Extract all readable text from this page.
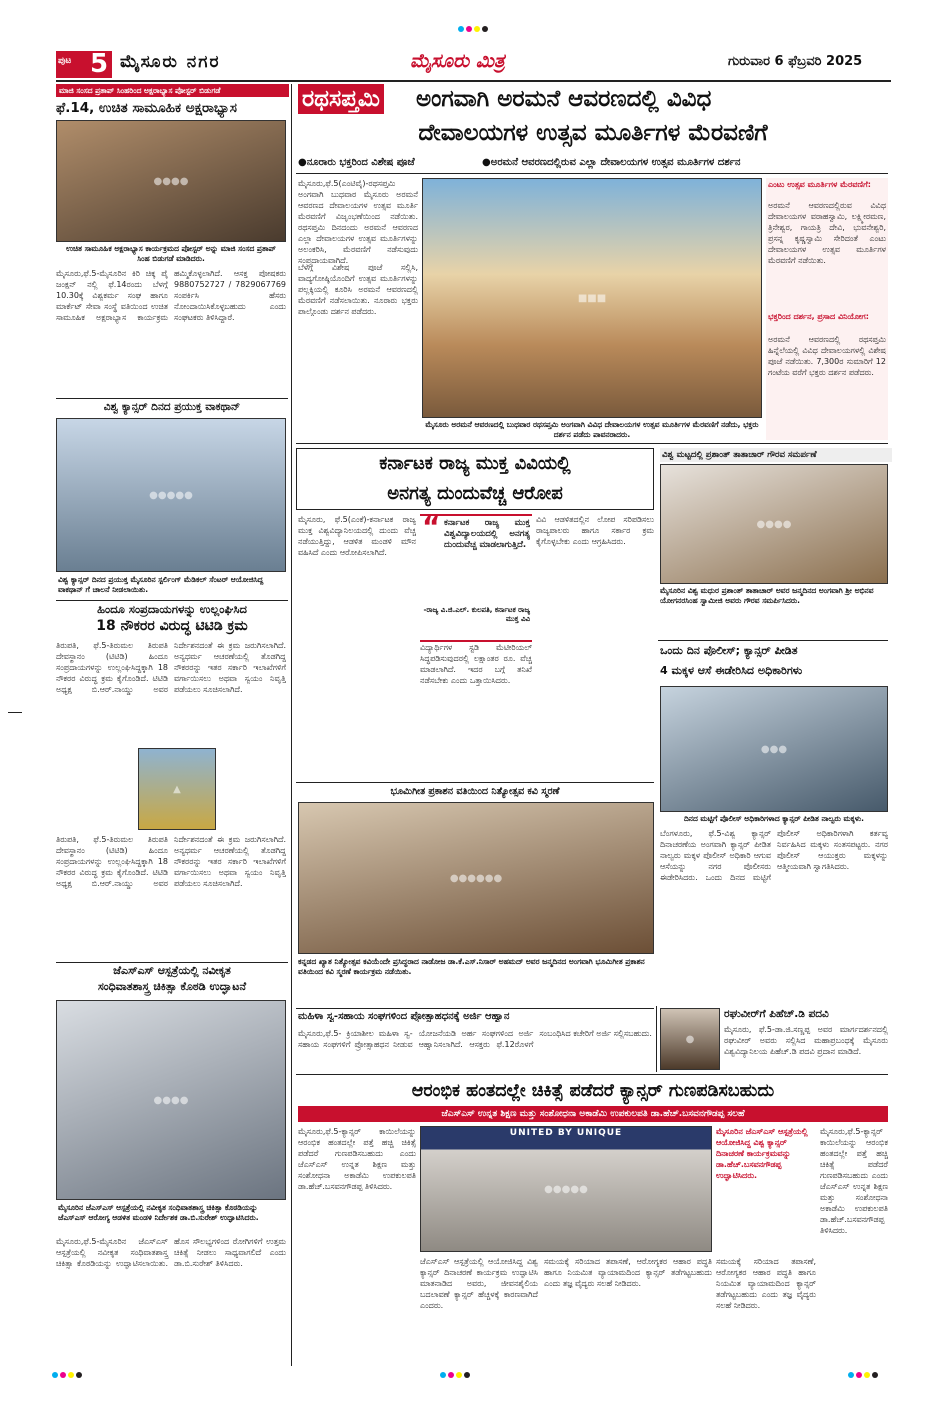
ಪುಟ 5 ಮೈಸೂರು ನಗರ	ಮೈಸೂರು ಮಿತ್ರ	ಗುರುವಾರ 6 ಫೆಬ್ರವರಿ 2025
ಮಾಜಿ ಸಂಸದ ಪ್ರತಾಪ್ ಸಿಂಹರಿಂದ ಅಕ್ಷರಾಭ್ಯಾಸ ಪೋಸ್ಟರ್ ಬಿಡುಗಡೆ
ಫೆ.14, ಉಚಿತ ಸಾಮೂಹಿಕ ಅಕ್ಷರಾಭ್ಯಾಸ
●●●●
ಉಚಿತ ಸಾಮೂಹಿಕ ಅಕ್ಷರಾಭ್ಯಾಸ ಕಾರ್ಯಕ್ರಮದ ಪೋಸ್ಟರ್ ಅನ್ನು ಮಾಜಿ ಸಂಸದ ಪ್ರತಾಪ್ ಸಿಂಹ ಬಿಡುಗಡೆ ಮಾಡಿದರು.
ಮೈಸೂರು,ಫೆ.5-ಮೈಸೂರಿನ ಕಿರಿ ಚಿಕ್ಕ ಪೈ ಜಂಕ್ಷನ್ ನಲ್ಲಿ ಫೆ.14ರಂದು ಬೆಳಗ್ಗೆ 10.30ಕ್ಕೆ ವಿಶ್ವಕರ್ಮ ಸಂಘ ಹಾಗೂ ಮಾರ್ಕೆಟ್ ಸೇವಾ ಸಂಸ್ಥೆ ವತಿಯಿಂದ ಉಚಿತ ಸಾಮೂಹಿಕ ಅಕ್ಷರಾಭ್ಯಾಸ ಕಾರ್ಯಕ್ರಮ ಹಮ್ಮಿಕೊಳ್ಳಲಾಗಿದೆ. ಆಸಕ್ತ ಪೋಷಕರು 9880752727 / 7829067769 ಸಂಪರ್ಕಿಸಿ ಹೆಸರು ನೋಂದಾಯಿಸಿಕೊಳ್ಳಬಹುದು ಎಂದು ಸಂಘಟಕರು ತಿಳಿಸಿದ್ದಾರೆ.
ವಿಶ್ವ ಕ್ಯಾನ್ಸರ್ ದಿನದ ಪ್ರಯುಕ್ತ ವಾಕಥಾನ್
●●●●●
ವಿಶ್ವ ಕ್ಯಾನ್ಸರ್ ದಿನದ ಪ್ರಯುಕ್ತ ಮೈಸೂರಿನ ಸ್ಟರ್ಲಿಂಗ್ ಮೆಡಿಕಲ್ ಸೆಂಟರ್ ಆಯೋಜಿಸಿದ್ದ ವಾಕಥಾನ್ ಗೆ ಚಾಲನೆ ನೀಡಲಾಯಿತು.
ಹಿಂದೂ ಸಂಪ್ರದಾಯಗಳನ್ನು ಉಲ್ಲಂಘಿಸಿದ
18 ನೌಕರರ ವಿರುದ್ಧ ಟಿಟಿಡಿ ಕ್ರಮ
ತಿರುಪತಿ, ಫೆ.5-ತಿರುಮಲ ತಿರುಪತಿ ದೇವಸ್ಥಾನಂ (ಟಿಟಿಡಿ) ಹಿಂದೂ ಸಂಪ್ರದಾಯಗಳನ್ನು ಉಲ್ಲಂಘಿಸಿದ್ದಕ್ಕಾಗಿ 18 ನೌಕರರ ವಿರುದ್ಧ ಕ್ರಮ ಕೈಗೊಂಡಿದೆ. ಟಿಟಿಡಿ ಅಧ್ಯಕ್ಷ ಬಿ.ಆರ್.ನಾಯ್ಡು ಅವರ ನಿರ್ದೇಶನದಂತೆ ಈ ಕ್ರಮ ಜರುಗಿಸಲಾಗಿದೆ. ಅನ್ಯಧರ್ಮ ಆಚರಣೆಯಲ್ಲಿ ತೊಡಗಿದ್ದ ನೌಕರರನ್ನು ಇತರ ಸರ್ಕಾರಿ ಇಲಾಖೆಗಳಿಗೆ ವರ್ಗಾಯಿಸಲು ಅಥವಾ ಸ್ವಯಂ ನಿವೃತ್ತಿ ಪಡೆಯಲು ಸೂಚಿಸಲಾಗಿದೆ.
▲
ತಿರುಪತಿ, ಫೆ.5-ತಿರುಮಲ ತಿರುಪತಿ ದೇವಸ್ಥಾನಂ (ಟಿಟಿಡಿ) ಹಿಂದೂ ಸಂಪ್ರದಾಯಗಳನ್ನು ಉಲ್ಲಂಘಿಸಿದ್ದಕ್ಕಾಗಿ 18 ನೌಕರರ ವಿರುದ್ಧ ಕ್ರಮ ಕೈಗೊಂಡಿದೆ. ಟಿಟಿಡಿ ಅಧ್ಯಕ್ಷ ಬಿ.ಆರ್.ನಾಯ್ಡು ಅವರ ನಿರ್ದೇಶನದಂತೆ ಈ ಕ್ರಮ ಜರುಗಿಸಲಾಗಿದೆ. ಅನ್ಯಧರ್ಮ ಆಚರಣೆಯಲ್ಲಿ ತೊಡಗಿದ್ದ ನೌಕರರನ್ನು ಇತರ ಸರ್ಕಾರಿ ಇಲಾಖೆಗಳಿಗೆ ವರ್ಗಾಯಿಸಲು ಅಥವಾ ಸ್ವಯಂ ನಿವೃತ್ತಿ ಪಡೆಯಲು ಸೂಚಿಸಲಾಗಿದೆ.
ಜೆಎಸ್‌ಎಸ್ ಆಸ್ಪತ್ರೆಯಲ್ಲಿ ನವೀಕೃತ
ಸಂಧಿವಾತಶಾಸ್ತ್ರ ಚಿಕಿತ್ಸಾ ಕೊಠಡಿ ಉದ್ಘಾಟನೆ
●●●●
ಮೈಸೂರಿನ ಜೆಎಸ್‌ಎಸ್ ಆಸ್ಪತ್ರೆಯಲ್ಲಿ ನವೀಕೃತ ಸಂಧಿವಾತಶಾಸ್ತ್ರ ಚಿಕಿತ್ಸಾ ಕೊಠಡಿಯನ್ನು ಜೆಎಸ್‌ಎಸ್ ಆರೋಗ್ಯ ಆಡಳಿತ ಮಂಡಳಿ ನಿರ್ದೇಶಕ ಡಾ.ಬಿ.ಸುರೇಶ್ ಉದ್ಘಾಟಿಸಿದರು.
ಮೈಸೂರು,ಫೆ.5-ಮೈಸೂರಿನ ಜೆಎಸ್‌ಎಸ್ ಆಸ್ಪತ್ರೆಯಲ್ಲಿ ನವೀಕೃತ ಸಂಧಿವಾತಶಾಸ್ತ್ರ ಚಿಕಿತ್ಸಾ ಕೊಠಡಿಯನ್ನು ಉದ್ಘಾಟಿಸಲಾಯಿತು. ಹೊಸ ಸೌಲಭ್ಯಗಳಿಂದ ರೋಗಿಗಳಿಗೆ ಉತ್ತಮ ಚಿಕಿತ್ಸೆ ನೀಡಲು ಸಾಧ್ಯವಾಗಲಿದೆ ಎಂದು ಡಾ.ಬಿ.ಸುರೇಶ್ ತಿಳಿಸಿದರು.
ರಥಸಪ್ತಮಿ ಅಂಗವಾಗಿ ಅರಮನೆ ಆವರಣದಲ್ಲಿ ವಿವಿಧ
ದೇವಾಲಯಗಳ ಉತ್ಸವ ಮೂರ್ತಿಗಳ ಮೆರವಣಿಗೆ
●ನೂರಾರು ಭಕ್ತರಿಂದ ವಿಶೇಷ ಪೂಜೆ	●ಅರಮನೆ ಆವರಣದಲ್ಲಿರುವ ಎಲ್ಲಾ ದೇವಾಲಯಗಳ ಉತ್ಸವ ಮೂರ್ತಿಗಳ ದರ್ಶನ
ಮೈಸೂರು,ಫೆ.5(ಎಂಟಿವೈ)-ರಥಸಪ್ತಮಿ ಅಂಗವಾಗಿ ಬುಧವಾರ ಮೈಸೂರು ಅರಮನೆ ಆವರಣದ ದೇವಾಲಯಗಳ ಉತ್ಸವ ಮೂರ್ತಿ ಮೆರವಣಿಗೆ ವಿಜೃಂಭಣೆಯಿಂದ ನಡೆಯಿತು. ರಥಸಪ್ತಮಿ ದಿನದಂದು ಅರಮನೆ ಆವರಣದ ಎಲ್ಲಾ ದೇವಾಲಯಗಳ ಉತ್ಸವ ಮೂರ್ತಿಗಳನ್ನು ಅಲಂಕರಿಸಿ, ಮೆರವಣಿಗೆ ನಡೆಸುವುದು ಸಂಪ್ರದಾಯವಾಗಿದೆ.
ಬೆಳಗ್ಗೆ ವಿಶೇಷ ಪೂಜೆ ಸಲ್ಲಿಸಿ, ವಾದ್ಯಗೋಷ್ಠಿಯೊಂದಿಗೆ ಉತ್ಸವ ಮೂರ್ತಿಗಳನ್ನು ಪಲ್ಲಕ್ಕಿಯಲ್ಲಿ ಕೂರಿಸಿ ಅರಮನೆ ಆವರಣದಲ್ಲಿ ಮೆರವಣಿಗೆ ನಡೆಸಲಾಯಿತು. ನೂರಾರು ಭಕ್ತರು ಪಾಲ್ಗೊಂಡು ದರ್ಶನ ಪಡೆದರು.
■■■
ಮೈಸೂರು ಅರಮನೆ ಆವರಣದಲ್ಲಿ ಬುಧವಾರ ರಥಸಪ್ತಮಿ ಅಂಗವಾಗಿ ವಿವಿಧ ದೇವಾಲಯಗಳ ಉತ್ಸವ ಮೂರ್ತಿಗಳ ಮೆರವಣಿಗೆ ನಡೆದು, ಭಕ್ತರು ದರ್ಶನ ಪಡೆದು ಪಾವನರಾದರು.
ಎಂಟು ಉತ್ಸವ ಮೂರ್ತಿಗಳ ಮೆರವಣಿಗೆ:
ಅರಮನೆ ಆವರಣದಲ್ಲಿರುವ ವಿವಿಧ ದೇವಾಲಯಗಳ ವರಾಹಸ್ವಾಮಿ, ಲಕ್ಷ್ಮೀರಮಣ, ತ್ರಿನೇಶ್ವರ, ಗಾಯತ್ರಿ ದೇವಿ, ಭುವನೇಶ್ವರಿ, ಪ್ರಸನ್ನ ಕೃಷ್ಣಸ್ವಾಮಿ ಸೇರಿದಂತೆ ಎಂಟು ದೇವಾಲಯಗಳ ಉತ್ಸವ ಮೂರ್ತಿಗಳ ಮೆರವಣಿಗೆ ನಡೆಯಿತು.
ಭಕ್ತರಿಂದ ದರ್ಶನ, ಪ್ರಸಾದ ವಿನಿಯೋಗ:
ಅರಮನೆ ಆವರಣದಲ್ಲಿ ರಥಸಪ್ತಮಿ ಹಿನ್ನೆಲೆಯಲ್ಲಿ ವಿವಿಧ ದೇವಾಲಯಗಳಲ್ಲಿ ವಿಶೇಷ ಪೂಜೆ ನಡೆಯಿತು. 7,300ರ ಸುಮಾರಿಗೆ 12 ಗಂಟೆಯ ವರೆಗೆ ಭಕ್ತರು ದರ್ಶನ ಪಡೆದರು.
ಕರ್ನಾಟಕ ರಾಜ್ಯ ಮುಕ್ತ ವಿವಿಯಲ್ಲಿ
ಅನಗತ್ಯ ದುಂದುವೆಚ್ಚ ಆರೋಪ
ಮೈಸೂರು, ಫೆ.5(ಎಂಕೆ)-ಕರ್ನಾಟಕ ರಾಜ್ಯ ಮುಕ್ತ ವಿಶ್ವವಿದ್ಯಾನಿಲಯದಲ್ಲಿ ದುಂದು ವೆಚ್ಚ ನಡೆಯುತ್ತಿದ್ದು, ಆಡಳಿತ ಮಂಡಳಿ ಮೌನ ವಹಿಸಿದೆ ಎಂದು ಆರೋಪಿಸಲಾಗಿದೆ.
“ ಕರ್ನಾಟಕ ರಾಜ್ಯ ಮುಕ್ತ ವಿಶ್ವವಿದ್ಯಾಲಯದಲ್ಲಿ ಅನಗತ್ಯ ದುಂದುವೆಚ್ಚ ಮಾಡಲಾಗುತ್ತಿದೆ.
-ರಾಜ್ಯ ವಿ.ಜಿ.ಎಲ್. ಕುಲಪತಿ, ಕರ್ನಾಟಕ ರಾಜ್ಯ ಮುಕ್ತ ವಿವಿ
ವಿದ್ಯಾರ್ಥಿಗಳ ಸ್ಟಡಿ ಮೆಟೀರಿಯಲ್ ಸಿದ್ಧಪಡಿಸುವುದರಲ್ಲಿ ಲಕ್ಷಾಂತರ ರೂ. ವೆಚ್ಚ ಮಾಡಲಾಗಿದೆ. ಇದರ ಬಗ್ಗೆ ತನಿಖೆ ನಡೆಸಬೇಕು ಎಂದು ಒತ್ತಾಯಿಸಿದರು.
ವಿವಿ ಆಡಳಿತದಲ್ಲಿನ ಲೋಪ ಸರಿಪಡಿಸಲು ರಾಜ್ಯಪಾಲರು ಹಾಗೂ ಸರ್ಕಾರ ಕ್ರಮ ಕೈಗೊಳ್ಳಬೇಕು ಎಂದು ಆಗ್ರಹಿಸಿದರು.
ವಿಶ್ವ ಮಟ್ಟದಲ್ಲಿ ಪ್ರಶಾಂತ್ ತಾತಾಚಾರ್ ಗೌರವ ಸಮರ್ಪಣೆ
●●●●
ಮೈಸೂರಿನ ವಿಶ್ವ ಮಧುರ ಪ್ರಶಾಂತ್ ತಾತಾಚಾರ್ ಅವರ ಜನ್ಮದಿನದ ಅಂಗವಾಗಿ ಶ್ರೀ ಅಭಿನವ ಯೋಗನರಸಿಂಹ ಸ್ವಾಮೀಜಿ ಅವರು ಗೌರವ ಸಮರ್ಪಿಸಿದರು.
ಒಂದು ದಿನ ಪೊಲೀಸ್; ಕ್ಯಾನ್ಸರ್ ಪೀಡಿತ
4 ಮಕ್ಕಳ ಆಸೆ ಈಡೇರಿಸಿದ ಅಧಿಕಾರಿಗಳು
●●●
ದಿನದ ಮಟ್ಟಿಗೆ ಪೊಲೀಸ್ ಅಧಿಕಾರಿಗಳಾದ ಕ್ಯಾನ್ಸರ್ ಪೀಡಿತ ನಾಲ್ವರು ಮಕ್ಕಳು.
ಬೆಂಗಳೂರು, ಫೆ.5-ವಿಶ್ವ ಕ್ಯಾನ್ಸರ್ ದಿನಾಚರಣೆಯ ಅಂಗವಾಗಿ ಕ್ಯಾನ್ಸರ್ ಪೀಡಿತ ನಾಲ್ವರು ಮಕ್ಕಳ ಪೊಲೀಸ್ ಅಧಿಕಾರಿ ಆಗುವ ಆಸೆಯನ್ನು ನಗರ ಪೊಲೀಸರು ಈಡೇರಿಸಿದರು. ಒಂದು ದಿನದ ಮಟ್ಟಿಗೆ ಪೊಲೀಸ್ ಅಧಿಕಾರಿಗಳಾಗಿ ಕರ್ತವ್ಯ ನಿರ್ವಹಿಸಿದ ಮಕ್ಕಳು ಸಂತಸಪಟ್ಟರು. ನಗರ ಪೊಲೀಸ್ ಆಯುಕ್ತರು ಮಕ್ಕಳನ್ನು ಆತ್ಮೀಯವಾಗಿ ಸ್ವಾಗತಿಸಿದರು.
ಭೂಮಿಗೀತ ಪ್ರಕಾಶನ ವತಿಯಿಂದ ನಿತ್ಯೋತ್ಸವ ಕವಿ ಸ್ಮರಣೆ
●●●●●●
ಕನ್ನಡದ ಖ್ಯಾತ ನಿತ್ಯೋತ್ಸವ ಕವಿಯೆಂದೇ ಪ್ರಸಿದ್ಧರಾದ ನಾಡೋಜ ಡಾ.ಕೆ.ಎಸ್.ನಿಸಾರ್ ಅಹಮದ್ ಅವರ ಜನ್ಮದಿನದ ಅಂಗವಾಗಿ ಭೂಮಿಗೀತ ಪ್ರಕಾಶನ ವತಿಯಿಂದ ಕವಿ ಸ್ಮರಣೆ ಕಾರ್ಯಕ್ರಮ ನಡೆಯಿತು.
ಮಹಿಳಾ ಸ್ವ-ಸಹಾಯ ಸಂಘಗಳಿಂದ ಪ್ರೋತ್ಸಾಹಧನಕ್ಕೆ ಅರ್ಜಿ ಆಹ್ವಾನ
ಮೈಸೂರು,ಫೆ.5- ಕ್ರಿಯಾಶೀಲ ಮಹಿಳಾ ಸ್ವ-ಸಹಾಯ ಸಂಘಗಳಿಗೆ ಪ್ರೋತ್ಸಾಹಧನ ನೀಡುವ ಯೋಜನೆಯಡಿ ಅರ್ಹ ಸಂಘಗಳಿಂದ ಅರ್ಜಿ ಆಹ್ವಾನಿಸಲಾಗಿದೆ. ಆಸಕ್ತರು ಫೆ.12ರೊಳಗೆ ಸಂಬಂಧಿಸಿದ ಕಚೇರಿಗೆ ಅರ್ಜಿ ಸಲ್ಲಿಸಬಹುದು.
ರಘುವೀರ್‌ಗೆ ಪಿಹೆಚ್.ಡಿ ಪದವಿ
●
ಮೈಸೂರು, ಫೆ.5-ಡಾ.ಜಿ.ಸಣ್ಣಪ್ಪ ಅವರ ಮಾರ್ಗದರ್ಶನದಲ್ಲಿ ರಘುವೀರ್ ಅವರು ಸಲ್ಲಿಸಿದ ಮಹಾಪ್ರಬಂಧಕ್ಕೆ ಮೈಸೂರು ವಿಶ್ವವಿದ್ಯಾನಿಲಯ ಪಿಹೆಚ್.ಡಿ ಪದವಿ ಪ್ರದಾನ ಮಾಡಿದೆ.
ಆರಂಭಿಕ ಹಂತದಲ್ಲೇ ಚಿಕಿತ್ಸೆ ಪಡೆದರೆ ಕ್ಯಾನ್ಸರ್ ಗುಣಪಡಿಸಬಹುದು
ಜೆಎಸ್‌ಎಸ್ ಉನ್ನತ ಶಿಕ್ಷಣ ಮತ್ತು ಸಂಶೋಧನಾ ಅಕಾಡೆಮಿ ಉಪಕುಲಪತಿ ಡಾ.ಹೆಚ್.ಬಸವನಗೌಡಪ್ಪ ಸಲಹೆ
ಮೈಸೂರು,ಫೆ.5-ಕ್ಯಾನ್ಸರ್ ಕಾಯಿಲೆಯನ್ನು ಆರಂಭಿಕ ಹಂತದಲ್ಲೇ ಪತ್ತೆ ಹಚ್ಚಿ ಚಿಕಿತ್ಸೆ ಪಡೆದರೆ ಗುಣಪಡಿಸಬಹುದು ಎಂದು ಜೆಎಸ್‌ಎಸ್ ಉನ್ನತ ಶಿಕ್ಷಣ ಮತ್ತು ಸಂಶೋಧನಾ ಅಕಾಡೆಮಿ ಉಪಕುಲಪತಿ ಡಾ.ಹೆಚ್.ಬಸವನಗೌಡಪ್ಪ ತಿಳಿಸಿದರು.	●●●●●
UNITED BY UNIQUE	ಮೈಸೂರಿನ ಜೆಎಸ್‌ಎಸ್ ಆಸ್ಪತ್ರೆಯಲ್ಲಿ ಆಯೋಜಿಸಿದ್ದ ವಿಶ್ವ ಕ್ಯಾನ್ಸರ್ ದಿನಾಚರಣೆ ಕಾರ್ಯಕ್ರಮವನ್ನು ಡಾ.ಹೆಚ್.ಬಸವನಗೌಡಪ್ಪ ಉದ್ಘಾಟಿಸಿದರು.
ಜೆಎಸ್‌ಎಸ್ ಆಸ್ಪತ್ರೆಯಲ್ಲಿ ಆಯೋಜಿಸಿದ್ದ ವಿಶ್ವ ಕ್ಯಾನ್ಸರ್ ದಿನಾಚರಣೆ ಕಾರ್ಯಕ್ರಮ ಉದ್ಘಾಟಿಸಿ ಮಾತನಾಡಿದ ಅವರು, ಜೀವನಶೈಲಿಯ ಬದಲಾವಣೆ ಕ್ಯಾನ್ಸರ್ ಹೆಚ್ಚಳಕ್ಕೆ ಕಾರಣವಾಗಿದೆ ಎಂದರು.
ಸಮಯಕ್ಕೆ ಸರಿಯಾದ ತಪಾಸಣೆ, ಆರೋಗ್ಯಕರ ಆಹಾರ ಪದ್ಧತಿ ಹಾಗೂ ನಿಯಮಿತ ವ್ಯಾಯಾಮದಿಂದ ಕ್ಯಾನ್ಸರ್ ತಡೆಗಟ್ಟಬಹುದು ಎಂದು ತಜ್ಞ ವೈದ್ಯರು ಸಲಹೆ ನೀಡಿದರು.
ಮೈಸೂರು,ಫೆ.5-ಕ್ಯಾನ್ಸರ್ ಕಾಯಿಲೆಯನ್ನು ಆರಂಭಿಕ ಹಂತದಲ್ಲೇ ಪತ್ತೆ ಹಚ್ಚಿ ಚಿಕಿತ್ಸೆ ಪಡೆದರೆ ಗುಣಪಡಿಸಬಹುದು ಎಂದು ಜೆಎಸ್‌ಎಸ್ ಉನ್ನತ ಶಿಕ್ಷಣ ಮತ್ತು ಸಂಶೋಧನಾ ಅಕಾಡೆಮಿ ಉಪಕುಲಪತಿ ಡಾ.ಹೆಚ್.ಬಸವನಗೌಡಪ್ಪ ತಿಳಿಸಿದರು.
ಸಮಯಕ್ಕೆ ಸರಿಯಾದ ತಪಾಸಣೆ, ಆರೋಗ್ಯಕರ ಆಹಾರ ಪದ್ಧತಿ ಹಾಗೂ ನಿಯಮಿತ ವ್ಯಾಯಾಮದಿಂದ ಕ್ಯಾನ್ಸರ್ ತಡೆಗಟ್ಟಬಹುದು ಎಂದು ತಜ್ಞ ವೈದ್ಯರು ಸಲಹೆ ನೀಡಿದರು.
